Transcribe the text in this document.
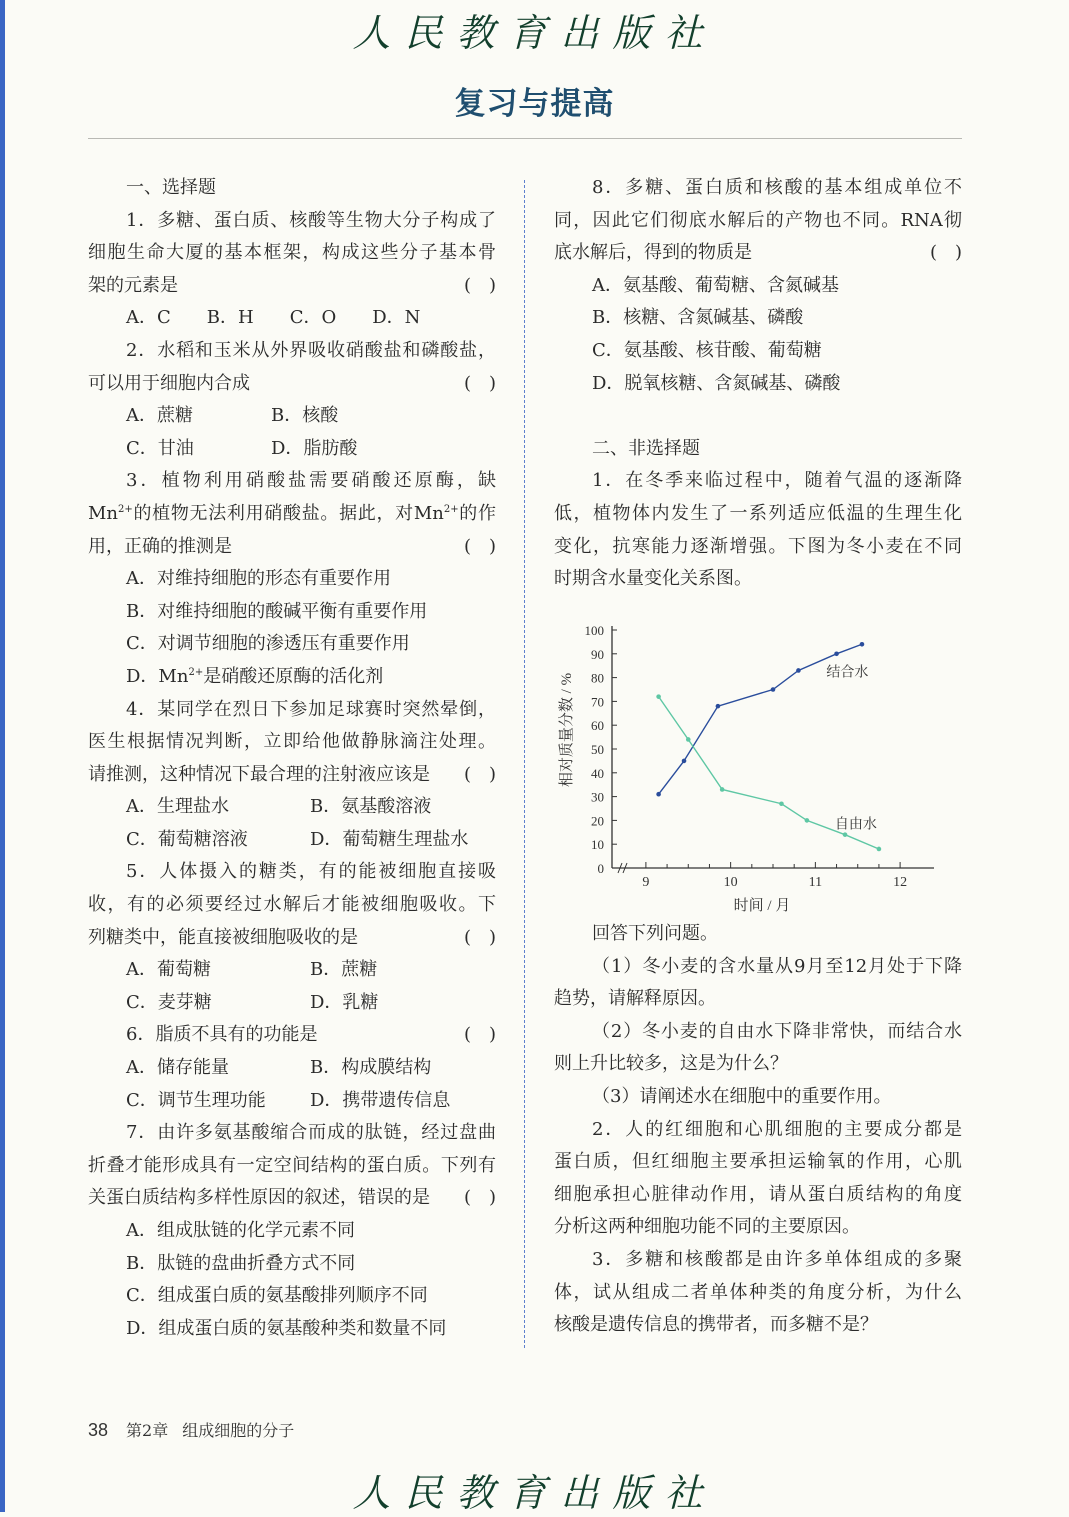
人民教育出版社
复习与提高
一、选择题
1．多糖、蛋白质、核酸等生物大分子构成了
细胞生命大厦的基本框架，构成这些分子基本骨
架的元素是	(　)
A．C　　B．H　　C．O　　D．N
2．水稻和玉米从外界吸收硝酸盐和磷酸盐，
可以用于细胞内合成	(　)
A．蔗糖	B．核酸
C．甘油	D．脂肪酸
3．植物利用硝酸盐需要硝酸还原酶，缺
$Mn^{2+}$的植物无法利用硝酸盐。据此，对$Mn^{2+}$的作
用，正确的推测是	(　)
A．对维持细胞的形态有重要作用
B．对维持细胞的酸碱平衡有重要作用
C．对调节细胞的渗透压有重要作用
D．$Mn^{2+}$是硝酸还原酶的活化剂
4．某同学在烈日下参加足球赛时突然晕倒，
医生根据情况判断，立即给他做静脉滴注处理。
请推测，这种情况下最合理的注射液应该是 (　)
A．生理盐水	B．氨基酸溶液
C．葡萄糖溶液	D．葡萄糖生理盐水
5．人体摄入的糖类，有的能被细胞直接吸
收，有的必须要经过水解后才能被细胞吸收。下
列糖类中，能直接被细胞吸收的是	(　)
A．葡萄糖	B．蔗糖
C．麦芽糖	D．乳糖
6．脂质不具有的功能是	(　)
A．储存能量	B．构成膜结构
C．调节生理功能 D．携带遗传信息
7．由许多氨基酸缩合而成的肽链，经过盘曲
折叠才能形成具有一定空间结构的蛋白质。下列有
关蛋白质结构多样性原因的叙述，错误的是 (　)
A．组成肽链的化学元素不同
B．肽链的盘曲折叠方式不同
C．组成蛋白质的氨基酸排列顺序不同
D．组成蛋白质的氨基酸种类和数量不同
8．多糖、蛋白质和核酸的基本组成单位不
同，因此它们彻底水解后的产物也不同。RNA彻
底水解后，得到的物质是	(　)
A．氨基酸、葡萄糖、含氮碱基
B．核糖、含氮碱基、磷酸
C．氨基酸、核苷酸、葡萄糖
D．脱氧核糖、含氮碱基、磷酸
二、非选择题
1．在冬季来临过程中，随着气温的逐渐降
低，植物体内发生了一系列适应低温的生理生化
变化，抗寒能力逐渐增强。下图为冬小麦在不同
时期含水量变化关系图。
0
10
20
30
40
50
60
70
80
90
100
9	10	11	12
结合水
自由水
相对质量分数 / %
时间 / 月
回答下列问题。
（1）冬小麦的含水量从9月至12月处于下降
趋势，请解释原因。
（2）冬小麦的自由水下降非常快，而结合水
则上升比较多，这是为什么？
（3）请阐述水在细胞中的重要作用。
2．人的红细胞和心肌细胞的主要成分都是
蛋白质，但红细胞主要承担运输氧的作用，心肌
细胞承担心脏律动作用，请从蛋白质结构的角度
分析这两种细胞功能不同的主要原因。
3．多糖和核酸都是由许多单体组成的多聚
体，试从组成二者单体种类的角度分析，为什么
核酸是遗传信息的携带者，而多糖不是？
38 第2章 组成细胞的分子
人民教育出版社
